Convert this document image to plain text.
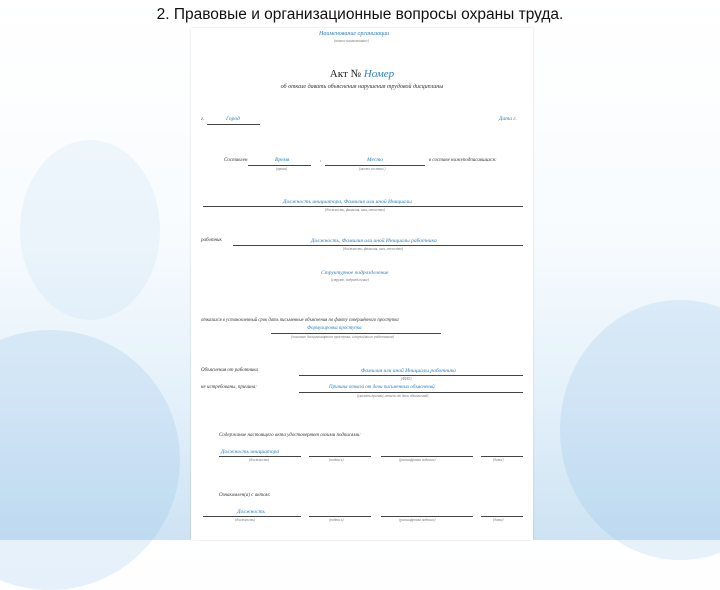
2. Правовые и организационные вопросы охраны труда.
Наименование организации
(полное наименование)
Акт № Номер
об отказе давать объяснения нарушения трудовой дисциплины
г.	Город	Дата г.
Составлен	Время
(время)
,	Место
(место составл.)
в составе нижеподписавшихся:
Должность инициатора, Фамилия или иной Инициалы
(должность, фамилия, имя, отчество)
работник	Должность, Фамилия или иной Инициалы работника
(должность, фамилия, имя, отчество)
Структурное подразделение
(структ. подразделение)
отказался в установленный срок дать письменные объяснения по факту совершённого проступка
Формулировка проступка
(описание дисциплинарного проступка, совершённого работником)
Объяснения от работника	Фамилия или иной Инициалы работника
(ФИО)
не истребованы, причина:	Причина отказа от дачи письменных объяснений
(указать причину отказа от дачи объяснений)
Содержание настоящего акта удостоверяют своими подписями:
Должность инициатора
(должность)	(подпись)	(расшифровка подписи)	(дата)
Ознакомлен(а) с актом:
Должность
(должность)	(подпись)	(расшифровка подписи)	(дата)
